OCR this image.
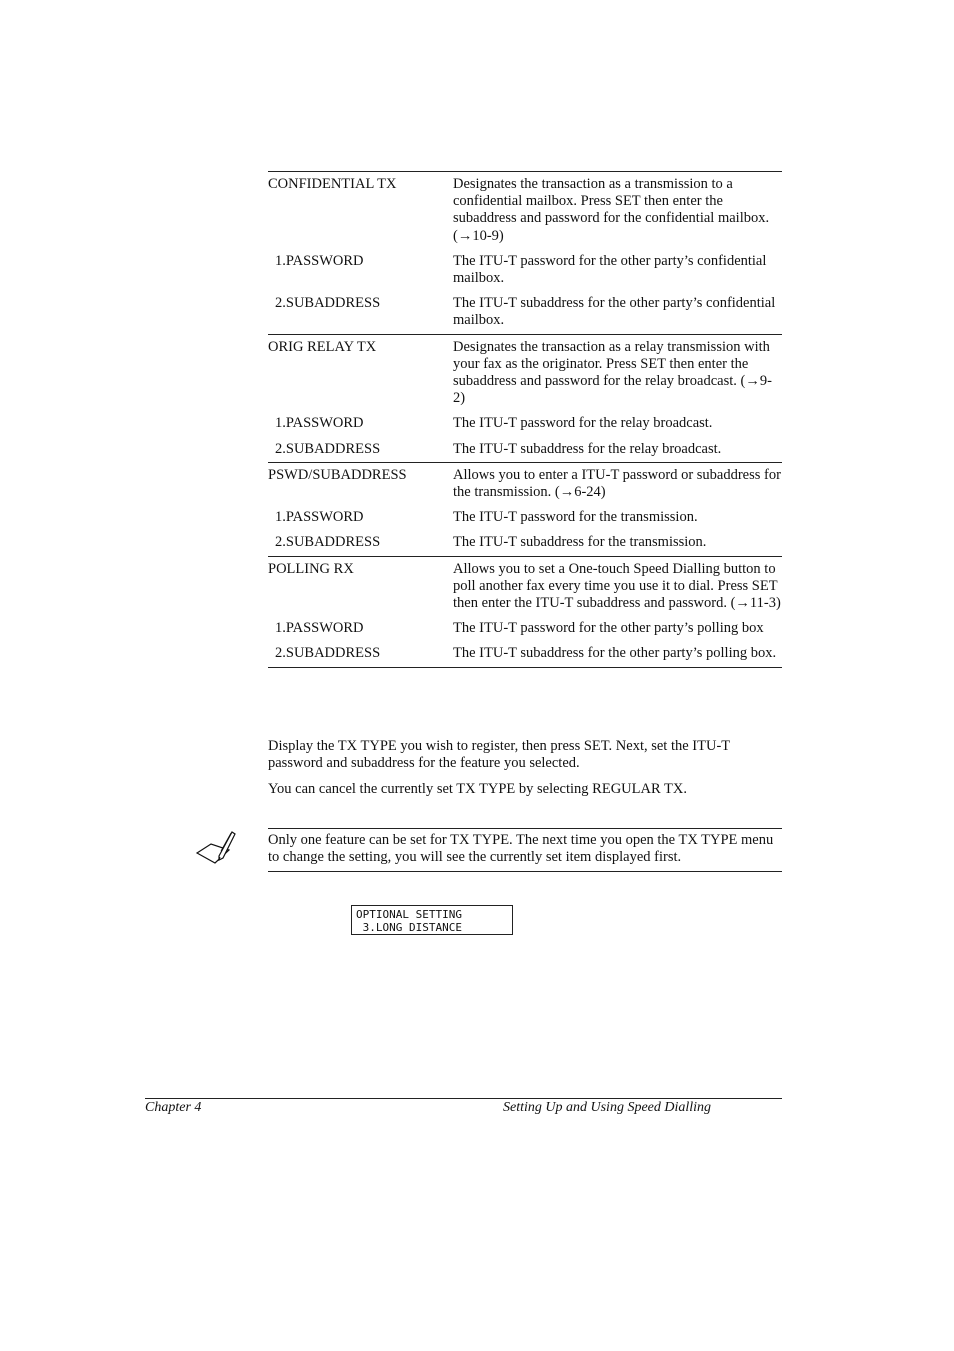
CONFIDENTIAL TX	Designates the transaction as a transmission to a confidential mailbox. Press SET then enter the subaddress and password for the confidential mailbox. (→10-9)
1.PASSWORD	The ITU-T password for the other party’s confidential mailbox.
2.SUBADDRESS	The ITU-T subaddress for the other party’s confidential mailbox.
ORIG RELAY TX	Designates the transaction as a relay transmission with your fax as the originator. Press SET then enter the subaddress and password for the relay broadcast. (→9-2)
1.PASSWORD	The ITU-T password for the relay broadcast.
2.SUBADDRESS	The ITU-T subaddress for the relay broadcast.
PSWD/SUBADDRESS	Allows you to enter a ITU-T password or subaddress for the transmission. (→6-24)
1.PASSWORD	The ITU-T password for the transmission.
2.SUBADDRESS	The ITU-T subaddress for the transmission.
POLLING RX	Allows you to set a One-touch Speed Dialling button to poll another fax every time you use it to dial. Press SET then enter the ITU-T subaddress and password. (→11-3)
1.PASSWORD	The ITU-T password for the other party’s polling box
2.SUBADDRESS	The ITU-T subaddress for the other party’s polling box.
Display the TX TYPE you wish to register, then press SET. Next, set the ITU-T password and subaddress for the feature you selected.
You can cancel the currently set TX TYPE by selecting REGULAR TX.
Only one feature can be set for TX TYPE. The next time you open the TX TYPE menu to change the setting, you will see the currently set item displayed first.
OPTIONAL SETTING
3.LONG DISTANCE
Chapter 4	Setting Up and Using Speed Dialling
